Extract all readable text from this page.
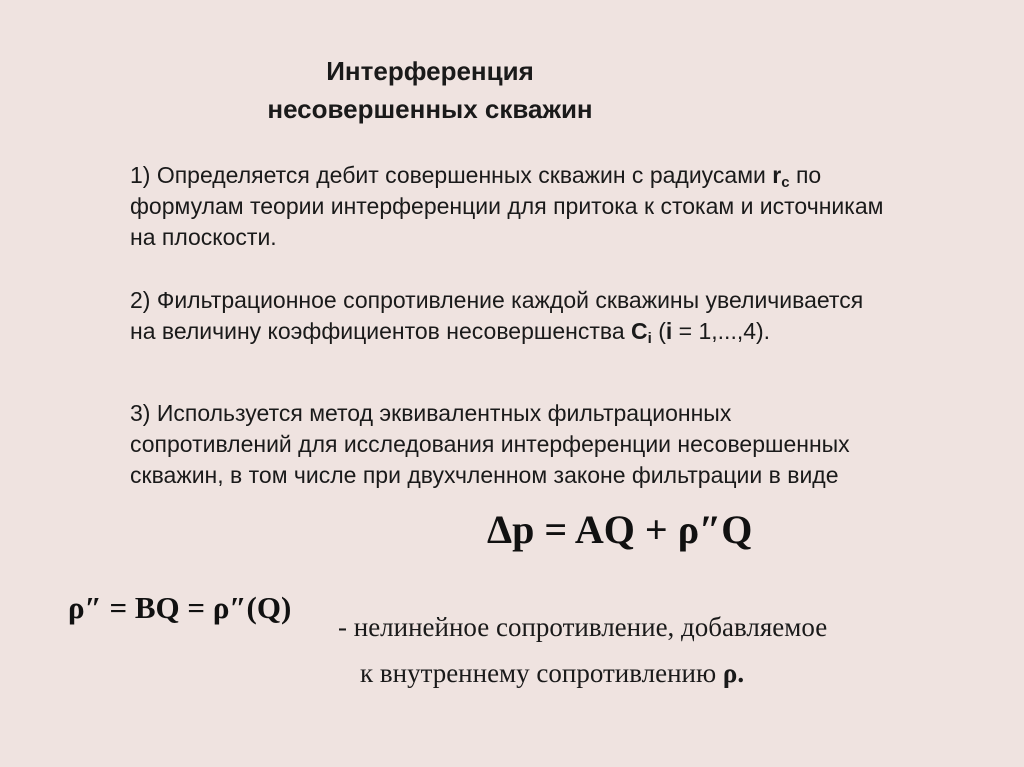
Интерференция
несовершенных скважин
1) Определяется дебит совершенных скважин с радиусами $r_c$ по формулам теории интерференции для притока к стокам и источникам на плоскости.
2) Фильтрационное сопротивление каждой скважины увеличивается на величину коэффициентов несовершенства $C_i$ (i = 1,...,4).
3) Используется метод эквивалентных фильтрационных сопротивлений для исследования интерференции несовершенных скважин, в том числе при двухчленном законе фильтрации в виде
Δp = AQ + ρ″Q
ρ″ = BQ = ρ″(Q)
- нелинейное сопротивление, добавляемое
к внутреннему сопротивлению ρ.
